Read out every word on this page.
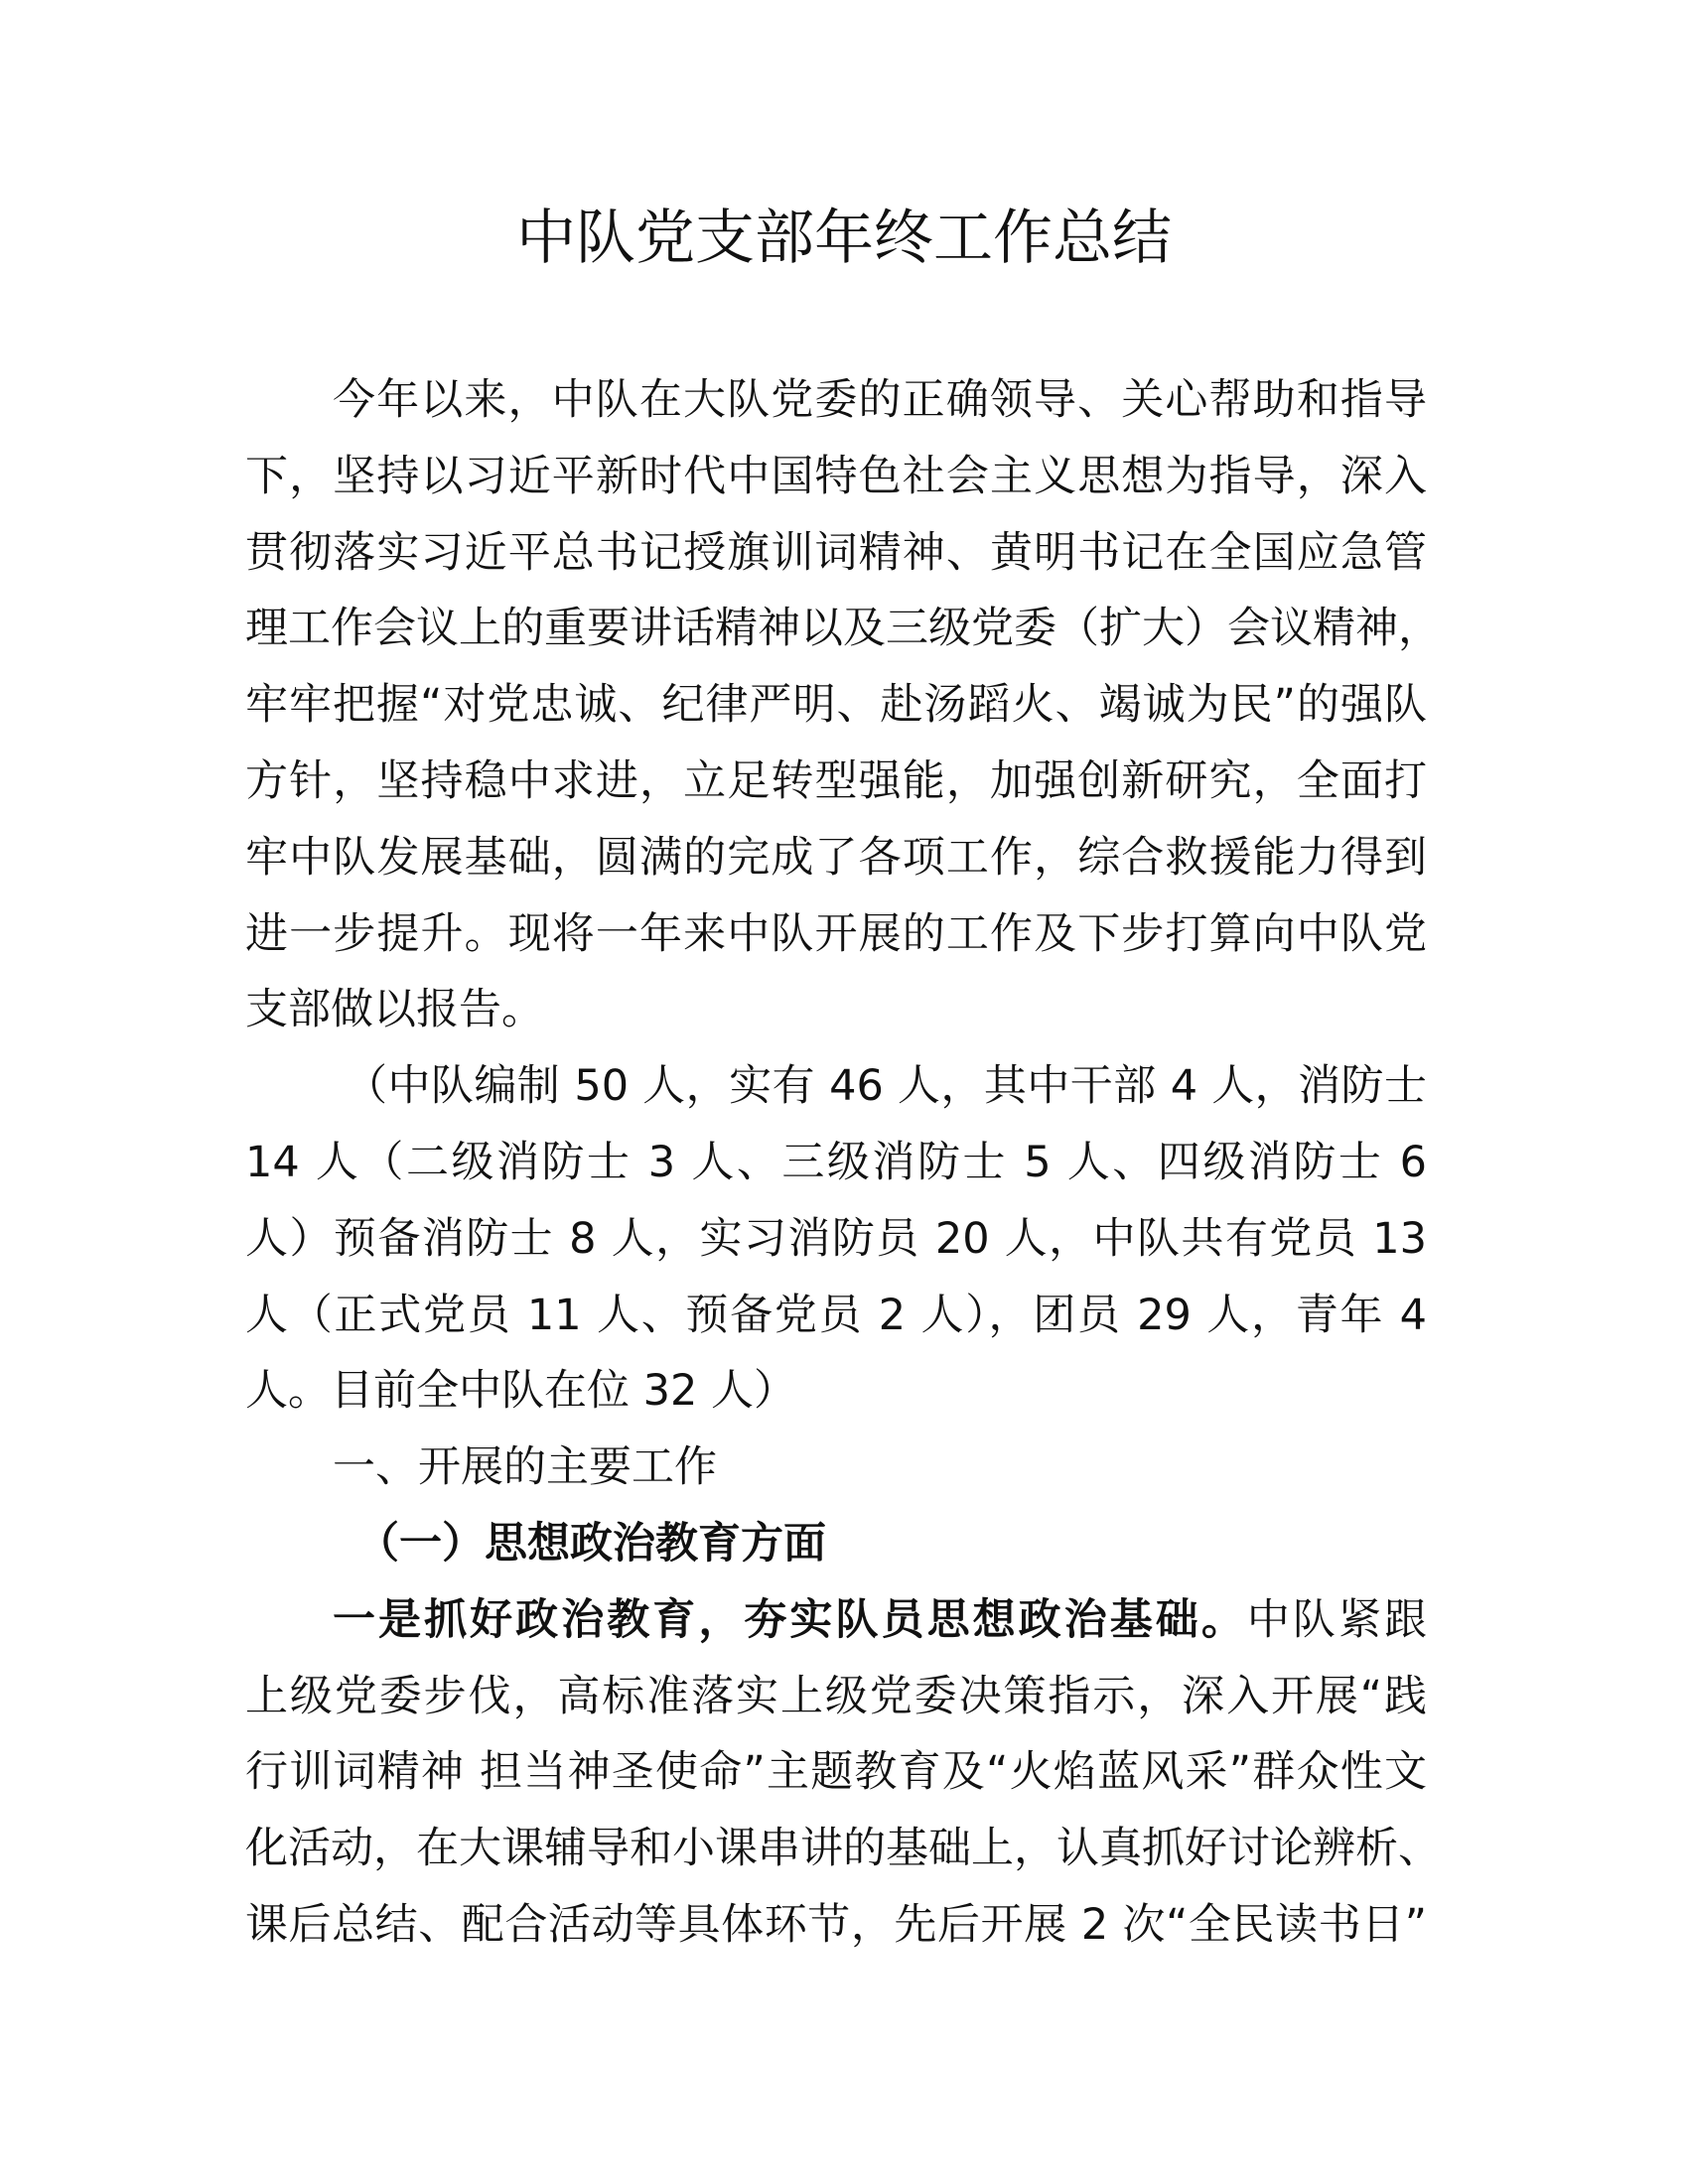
中队党支部年终工作总结
今年以来，中队在大队党委的正确领导、关心帮助和指导
下，坚持以习近平新时代中国特色社会主义思想为指导，深入
贯彻落实习近平总书记授旗训词精神、黄明书记在全国应急管
理工作会议上的重要讲话精神以及三级党委（扩大）会议精神，
牢牢把握“对党忠诚、纪律严明、赴汤蹈火、竭诚为民”的强队
方针，坚持稳中求进，立足转型强能，加强创新研究，全面打
牢中队发展基础，圆满的完成了各项工作，综合救援能力得到
进一步提升。现将一年来中队开展的工作及下步打算向中队党
支部做以报告。
（中队编制 50 人，实有 46 人，其中干部 4 人，消防士
14 人（二级消防士 3 人、三级消防士 5 人、四级消防士 6
人）预备消防士 8 人，实习消防员 20 人，中队共有党员 13
人（正式党员 11 人、预备党员 2 人），团员 29 人，青年 4
人。目前全中队在位 32 人）
一、开展的主要工作
（一）思想政治教育方面
一是抓好政治教育，夯实队员思想政治基础。中队紧跟
上级党委步伐，高标准落实上级党委决策指示，深入开展“践
行训词精神 担当神圣使命”主题教育及“火焰蓝风采”群众性文
化活动，在大课辅导和小课串讲的基础上，认真抓好讨论辨析、
课后总结、配合活动等具体环节，先后开展 2 次“全民读书日”
